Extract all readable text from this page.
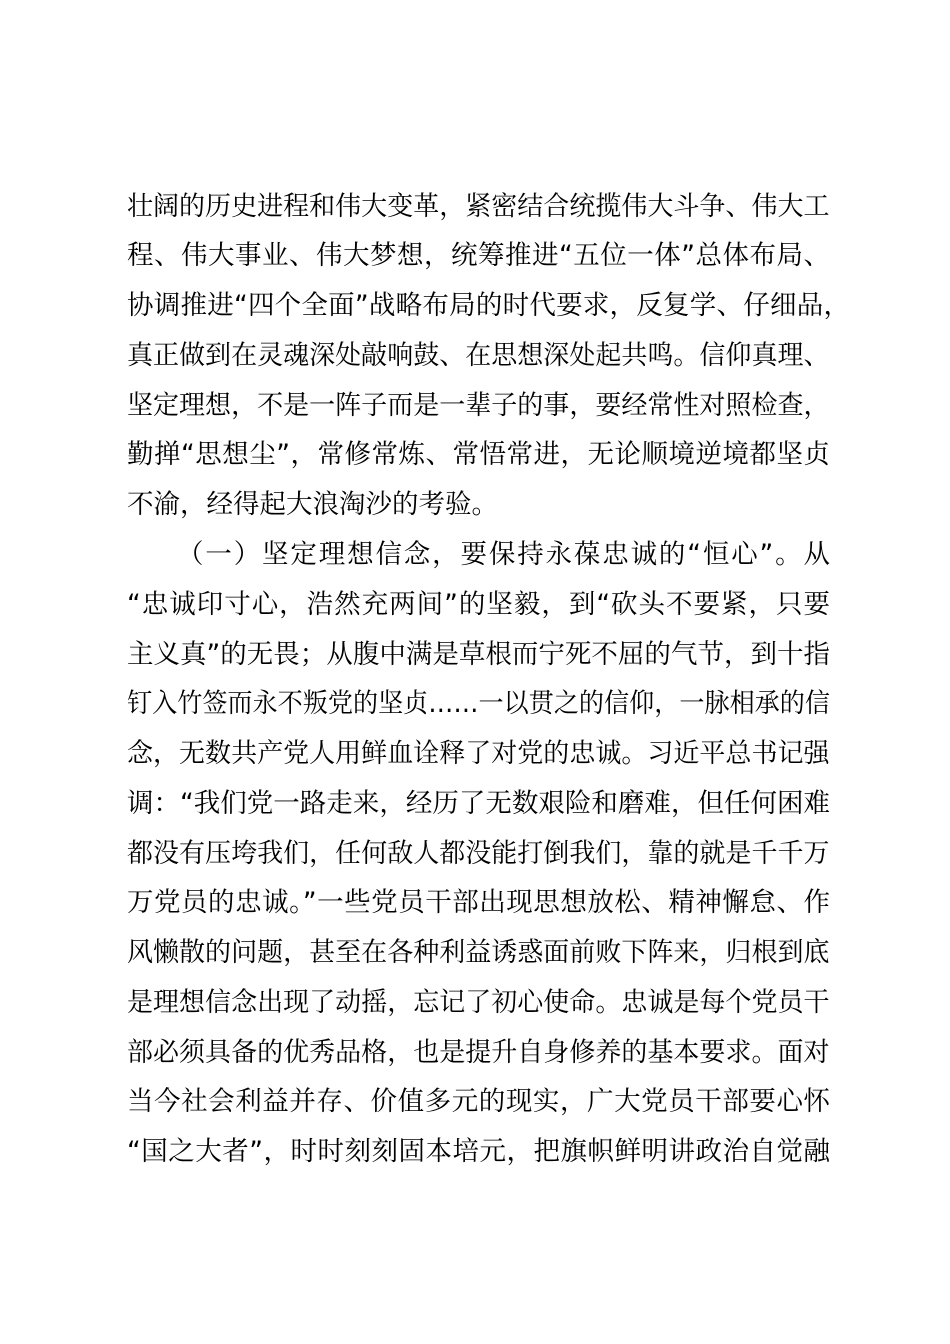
壮阔的历史进程和伟大变革，紧密结合统揽伟大斗争、伟大工
程、伟大事业、伟大梦想，统筹推进“五位一体”总体布局、
协调推进“四个全面”战略布局的时代要求，反复学、仔细品，
真正做到在灵魂深处敲响鼓、在思想深处起共鸣。信仰真理、
坚定理想，不是一阵子而是一辈子的事，要经常性对照检查，
勤掸“思想尘”，常修常炼、常悟常进，无论顺境逆境都坚贞
不渝，经得起大浪淘沙的考验。
（一）坚定理想信念，要保持永葆忠诚的“恒心”。从
“忠诚印寸心，浩然充两间”的坚毅，到“砍头不要紧，只要
主义真”的无畏；从腹中满是草根而宁死不屈的气节，到十指
钉入竹签而永不叛党的坚贞……一以贯之的信仰，一脉相承的信
念，无数共产党人用鲜血诠释了对党的忠诚。习近平总书记强
调：“我们党一路走来，经历了无数艰险和磨难，但任何困难
都没有压垮我们，任何敌人都没能打倒我们，靠的就是千千万
万党员的忠诚。”一些党员干部出现思想放松、精神懈怠、作
风懒散的问题，甚至在各种利益诱惑面前败下阵来，归根到底
是理想信念出现了动摇，忘记了初心使命。忠诚是每个党员干
部必须具备的优秀品格，也是提升自身修养的基本要求。面对
当今社会利益并存、价值多元的现实，广大党员干部要心怀
“国之大者”，时时刻刻固本培元，把旗帜鲜明讲政治自觉融
